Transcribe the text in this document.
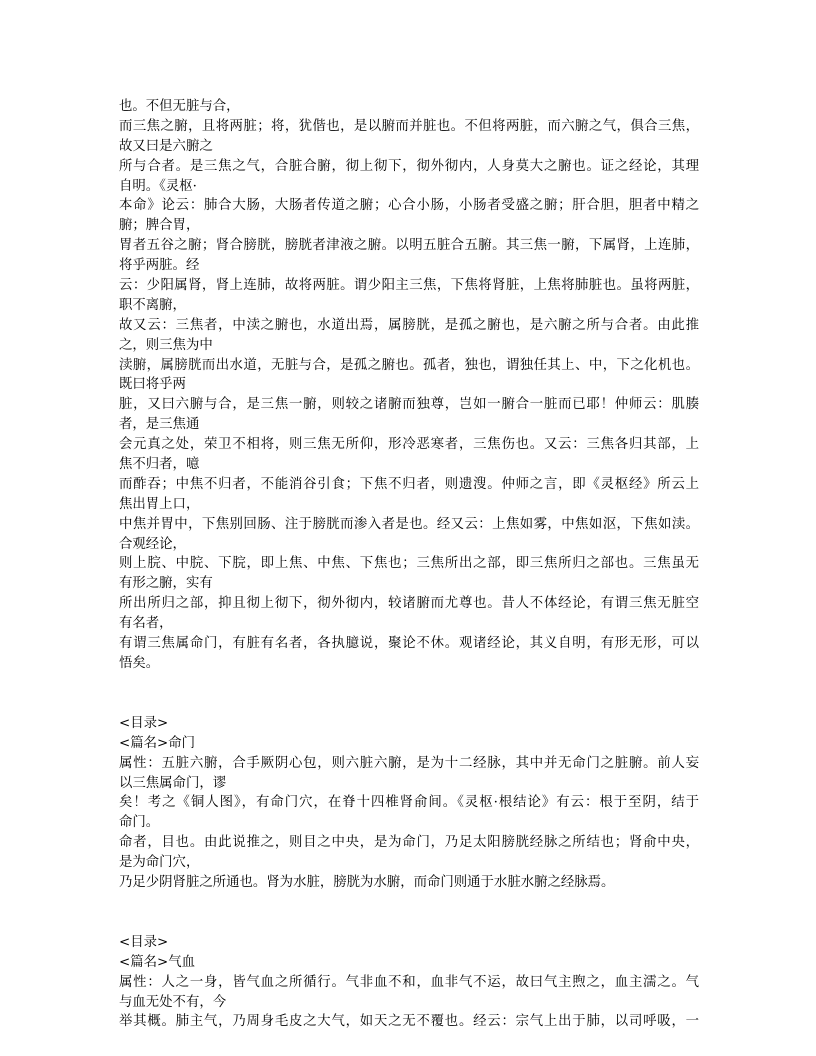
也。不但无脏与合，
而三焦之腑，且将两脏；将，犹偕也，是以腑而并脏也。不但将两脏，而六腑之气，俱合三焦，
故又曰是六腑之
所与合者。是三焦之气，合脏合腑，彻上彻下，彻外彻内，人身莫大之腑也。证之经论，其理
自明。《灵枢·
本命》论云：肺合大肠，大肠者传道之腑；心合小肠，小肠者受盛之腑；肝合胆，胆者中精之
腑；脾合胃，
胃者五谷之腑；肾合膀胱，膀胱者津液之腑。以明五脏合五腑。其三焦一腑，下属肾，上连肺，
将乎两脏。经
云：少阳属肾，肾上连肺，故将两脏。谓少阳主三焦，下焦将肾脏，上焦将肺脏也。虽将两脏，
职不离腑，
故又云：三焦者，中渎之腑也，水道出焉，属膀胱，是孤之腑也，是六腑之所与合者。由此推
之，则三焦为中
渎腑，属膀胱而出水道，无脏与合，是孤之腑也。孤者，独也，谓独任其上、中，下之化机也。
既曰将乎两
脏，又曰六腑与合，是三焦一腑，则较之诸腑而独尊，岂如一腑合一脏而已耶！仲师云：肌腠
者，是三焦通
会元真之处，荣卫不相将，则三焦无所仰，形冷恶寒者，三焦伤也。又云：三焦各归其部，上
焦不归者，噫
而酢吞；中焦不归者，不能消谷引食；下焦不归者，则遗溲。仲师之言，即《灵枢经》所云上
焦出胃上口，
中焦并胃中，下焦别回肠、注于膀胱而渗入者是也。经又云：上焦如雾，中焦如沤，下焦如渎。
合观经论，
则上脘、中脘、下脘，即上焦、中焦、下焦也；三焦所出之部，即三焦所归之部也。三焦虽无
有形之腑，实有
所出所归之部，抑且彻上彻下，彻外彻内，较诸腑而尤尊也。昔人不体经论，有谓三焦无脏空
有名者，
有谓三焦属命门，有脏有名者，各执臆说，聚论不休。观诸经论，其义自明，有形无形，可以
悟矣。
<目录>
<篇名>命门
属性：五脏六腑，合手厥阴心包，则六脏六腑，是为十二经脉，其中并无命门之脏腑。前人妄
以三焦属命门，谬
矣！考之《铜人图》，有命门穴，在脊十四椎肾俞间。《灵枢·根结论》有云：根于至阴，结于
命门。
命者，目也。由此说推之，则目之中央，是为命门，乃足太阳膀胱经脉之所结也；肾俞中央，
是为命门穴，
乃足少阴肾脏之所通也。肾为水脏，膀胱为水腑，而命门则通于水脏水腑之经脉焉。
<目录>
<篇名>气血
属性：人之一身，皆气血之所循行。气非血不和，血非气不运，故曰气主煦之，血主濡之。气
与血无处不有，今
举其概。肺主气，乃周身毛皮之大气，如天之无不覆也。经云：宗气上出于肺，以司呼吸，一
